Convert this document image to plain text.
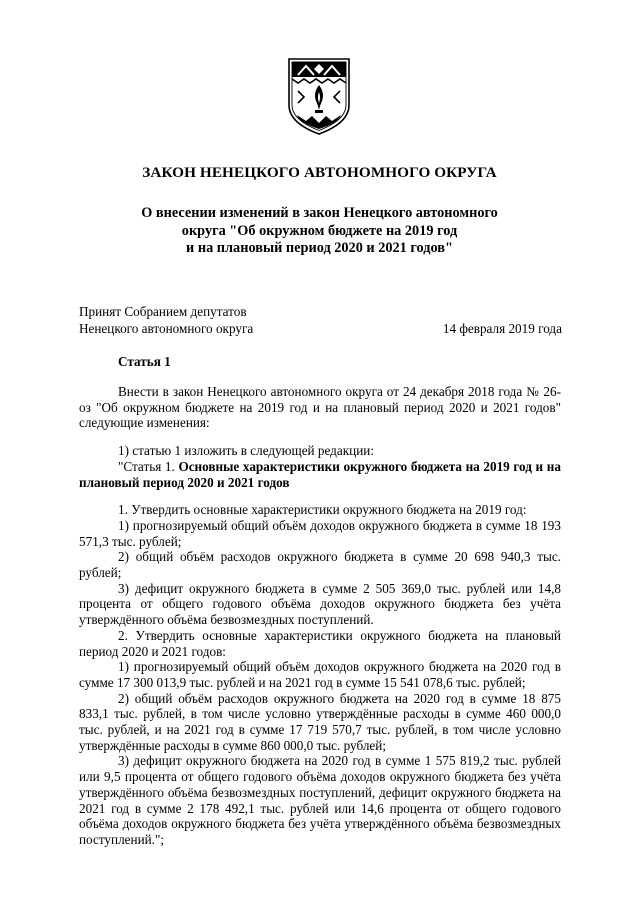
ЗАКОН НЕНЕЦКОГО АВТОНОМНОГО ОКРУГА
О внесении изменений в закон Ненецкого автономного
округа "Об окружном бюджете на 2019 год
и на плановый период 2020 и 2021 годов"
Принят Собранием депутатов
Ненецкого автономного округа	14 февраля 2019 года
Статья 1

Внести в закон Ненецкого автономного округа от 24 декабря 2018 года № 26-оз "Об окружном бюджете на 2019 год и на плановый период 2020 и 2021 годов" следующие изменения:

1) статью 1 изложить в следующей редакции:

"Статья 1. Основные характеристики окружного бюджета на 2019 год и на плановый период 2020 и 2021 годов

1. Утвердить основные характеристики окружного бюджета на 2019 год:

1) прогнозируемый общий объём доходов окружного бюджета в сумме 18 193 571,3 тыс. рублей;

2) общий объём расходов окружного бюджета в сумме 20 698 940,3 тыс. рублей;

3) дефицит окружного бюджета в сумме 2 505 369,0 тыс. рублей или 14,8 процента от общего годового объёма доходов окружного бюджета без учёта утверждённого объёма безвозмездных поступлений.

2. Утвердить основные характеристики окружного бюджета на плановый период 2020 и 2021 годов:

1) прогнозируемый общий объём доходов окружного бюджета на 2020 год в сумме 17 300 013,9 тыс. рублей и на 2021 год в сумме 15 541 078,6 тыс. рублей;

2) общий объём расходов окружного бюджета на 2020 год в сумме 18 875 833,1 тыс. рублей, в том числе условно утверждённые расходы в сумме 460 000,0 тыс. рублей, и на 2021 год в сумме 17 719 570,7 тыс. рублей, в том числе условно утверждённые расходы в сумме 860 000,0 тыс. рублей;

3) дефицит окружного бюджета на 2020 год в сумме 1 575 819,2 тыс. рублей или 9,5 процента от общего годового объёма доходов окружного бюджета без учёта утверждённого объёма безвозмездных поступлений, дефицит окружного бюджета на 2021 год в сумме 2 178 492,1 тыс. рублей или 14,6 процента от общего годового объёма доходов окружного бюджета без учёта утверждённого объёма безвозмездных поступлений.";
